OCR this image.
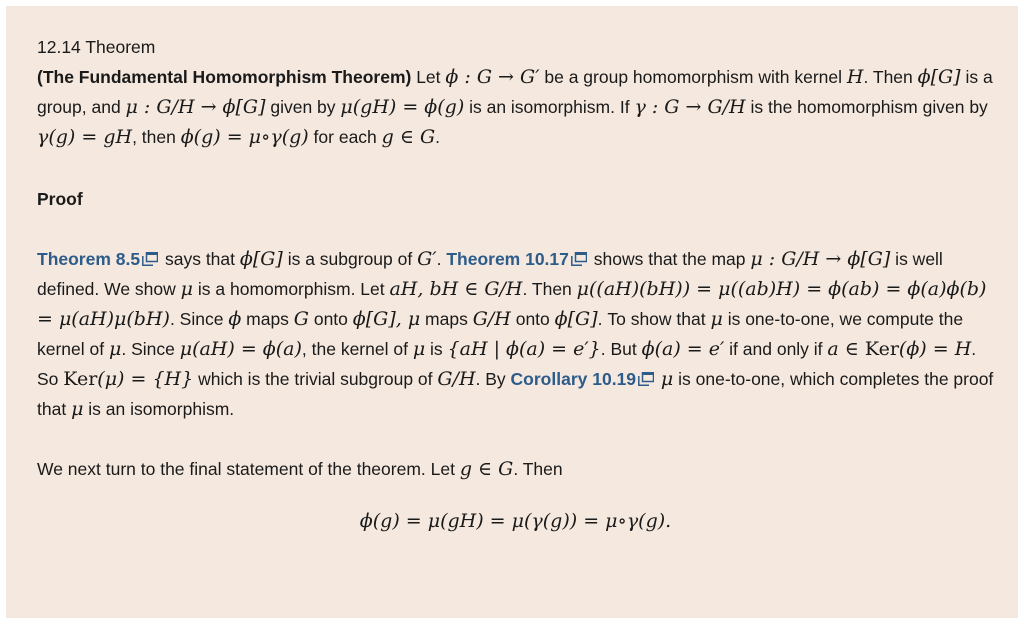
12.14 Theorem

(The Fundamental Homomorphism Theorem) Let ϕ : G → G′ be a group homomorphism with kernel H. Then ϕ[G] is a group, and μ : G/H → ϕ[G] given by μ(gH) = ϕ(g) is an isomorphism. If γ : G → G/H is the homomorphism given by γ(g) = gH, then ϕ(g) = μ∘γ(g) for each g ∈ G.

Proof

Theorem 8.5 says that ϕ[G] is a subgroup of G′. Theorem 10.17 shows that the map μ : G/H → ϕ[G] is well defined. We show μ is a homomorphism. Let aH, bH ∈ G/H. Then μ((aH)(bH)) = μ((ab)H) = ϕ(ab) = ϕ(a)ϕ(b) = μ(aH)μ(bH). Since ϕ maps G onto ϕ[G], μ maps G/H onto ϕ[G]. To show that μ is one-to-one, we compute the kernel of μ. Since μ(aH) = ϕ(a), the kernel of μ is {aH | ϕ(a) = e′}. But ϕ(a) = e′ if and only if a ∈ Ker(ϕ) = H. So Ker(μ) = {H} which is the trivial subgroup of G/H. By Corollary 10.19 μ is one-to-one, which completes the proof that μ is an isomorphism.

We next turn to the final statement of the theorem. Let g ∈ G. Then

ϕ(g) = μ(gH) = μ(γ(g)) = μ∘γ(g).
